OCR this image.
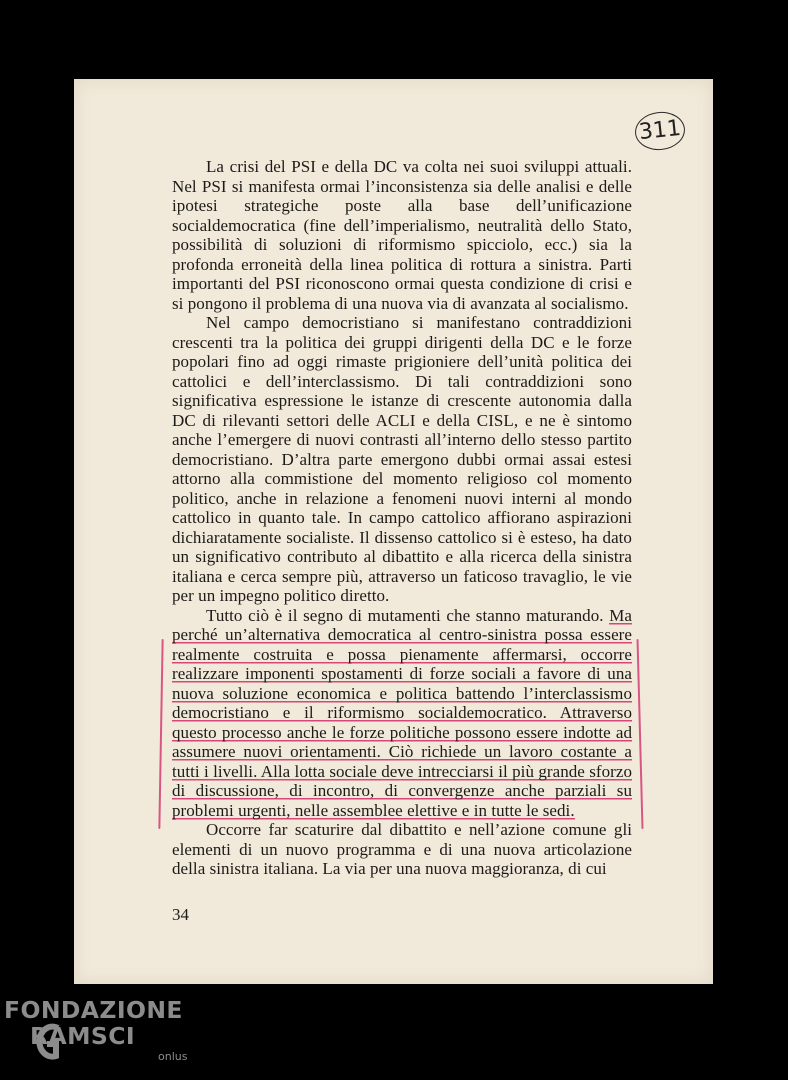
311

La crisi del PSI e della DC va colta nei suoi sviluppi attuali. Nel PSI si manifesta ormai l’inconsistenza sia delle analisi e delle ipotesi strategiche poste alla base dell’unificazione socialdemocratica (fine dell’imperialismo, neutralità dello Stato, possibilità di soluzioni di riformismo spicciolo, ecc.) sia la profonda erroneità della linea politica di rottura a sinistra. Parti importanti del PSI riconoscono ormai questa condizione di crisi e si pongono il problema di una nuova via di avanzata al socialismo.

Nel campo democristiano si manifestano contraddizioni crescenti tra la politica dei gruppi dirigenti della DC e le forze popolari fino ad oggi rimaste prigioniere dell’unità politica dei cattolici e dell’interclassismo. Di tali contraddizioni sono significativa espressione le istanze di crescente autonomia dalla DC di rilevanti settori delle ACLI e della CISL, e ne è sintomo anche l’emergere di nuovi contrasti all’interno dello stesso partito democristiano. D’altra parte emergono dubbi ormai assai estesi attorno alla commistione del momento religioso col momento politico, anche in relazione a fenomeni nuovi interni al mondo cattolico in quanto tale. In campo cattolico affiorano aspirazioni dichiaratamente socialiste. Il dissenso cattolico si è esteso, ha dato un significativo contributo al dibattito e alla ricerca della sinistra italiana e cerca sempre più, attraverso un faticoso travaglio, le vie per un impegno politico diretto.

Tutto ciò è il segno di mutamenti che stanno maturando. Ma perché un’alternativa democratica al centro-sinistra possa essere realmente costruita e possa pienamente affermarsi, occorre realizzare imponenti spostamenti di forze sociali a favore di una nuova soluzione economica e politica battendo l’interclassismo democristiano e il riformismo socialdemocratico. Attraverso questo processo anche le forze politiche possono essere indotte ad assumere nuovi orientamenti. Ciò richiede un lavoro costante a tutti i livelli. Alla lotta sociale deve intrecciarsi il più grande sforzo di discussione, di incontro, di convergenze anche parziali su problemi urgenti, nelle assemblee elettive e in tutte le sedi.

Occorre far scaturire dal dibattito e nell’azione comune gli elementi di un nuovo programma e di una nuova articolazione della sinistra italiana. La via per una nuova maggioranza, di cui

34
FONDAZIONE
RAMSCI
onlus
